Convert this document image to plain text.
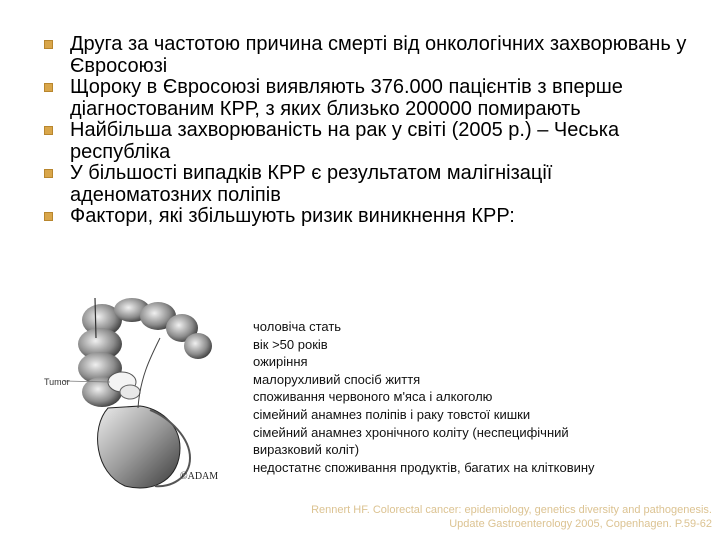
Друга за частотою причина смерті від онкологічних захворювань у Євросоюзі
Щороку в Євросоюзі виявляють 376.000 пацієнтів з вперше діагностованим КРР, з яких близько 200000 помирають
Найбільша захворюваність на рак у світі (2005 р.) – Чеська республіка
У більшості випадків КРР є результатом малігнізації аденоматозних поліпів
Фактори, які збільшують ризик виникнення КРР:
Tumor
©ADAM
чоловіча стать
вік >50 років
ожиріння
малорухливий спосіб життя
споживання червоного м'яса і алкоголю
сімейний анамнез поліпів і раку товстої кишки
сімейний анамнез хронічного коліту (неспецифічний
виразковий коліт)
недостатнє споживання продуктів, багатих на клітковину
Rennert HF. Colorectal cancer: epidemiology, genetics diversity and pathogenesis.
Update Gastroenterology 2005, Copenhagen. P.59-62
